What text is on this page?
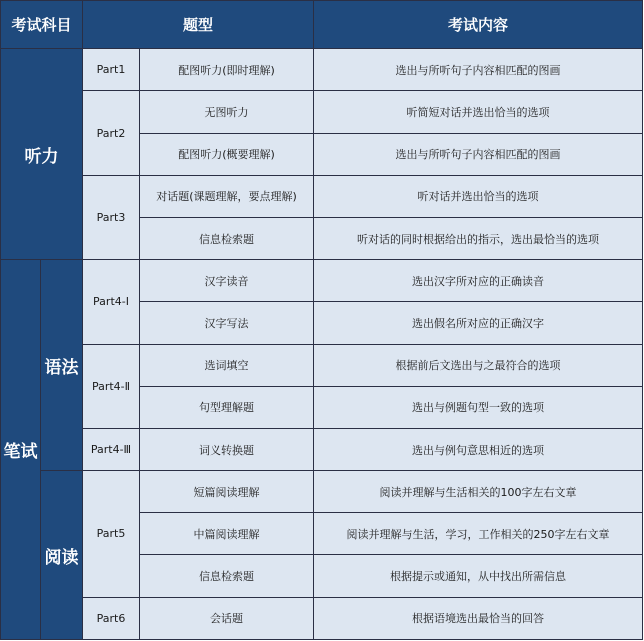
考试科目		题型		考试内容
听力		Part1	配图听力(即时理解)	选出与所听句子内容相匹配的图画
		Part2	无图听力	听简短对话并选出恰当的选项
			配图听力(概要理解)	选出与所听句子内容相匹配的图画
		Part3	对话题(课题理解，要点理解)	听对话并选出恰当的选项
			信息检索题	听对话的同时根据给出的指示，选出最恰当的选项
笔试	语法	Part4-Ⅰ	汉字读音	选出汉字所对应的正确读音
			汉字写法	选出假名所对应的正确汉字
		Part4-Ⅱ	选词填空	根据前后文选出与之最符合的选项
			句型理解题	选出与例题句型一致的选项
		Part4-Ⅲ	词义转换题	选出与例句意思相近的选项
	阅读	Part5	短篇阅读理解	阅读并理解与生活相关的100字左右文章
			中篇阅读理解	阅读并理解与生活，学习，工作相关的250字左右文章
			信息检索题	根据提示或通知，从中找出所需信息
		Part6	会话题	根据语境选出最恰当的回答
